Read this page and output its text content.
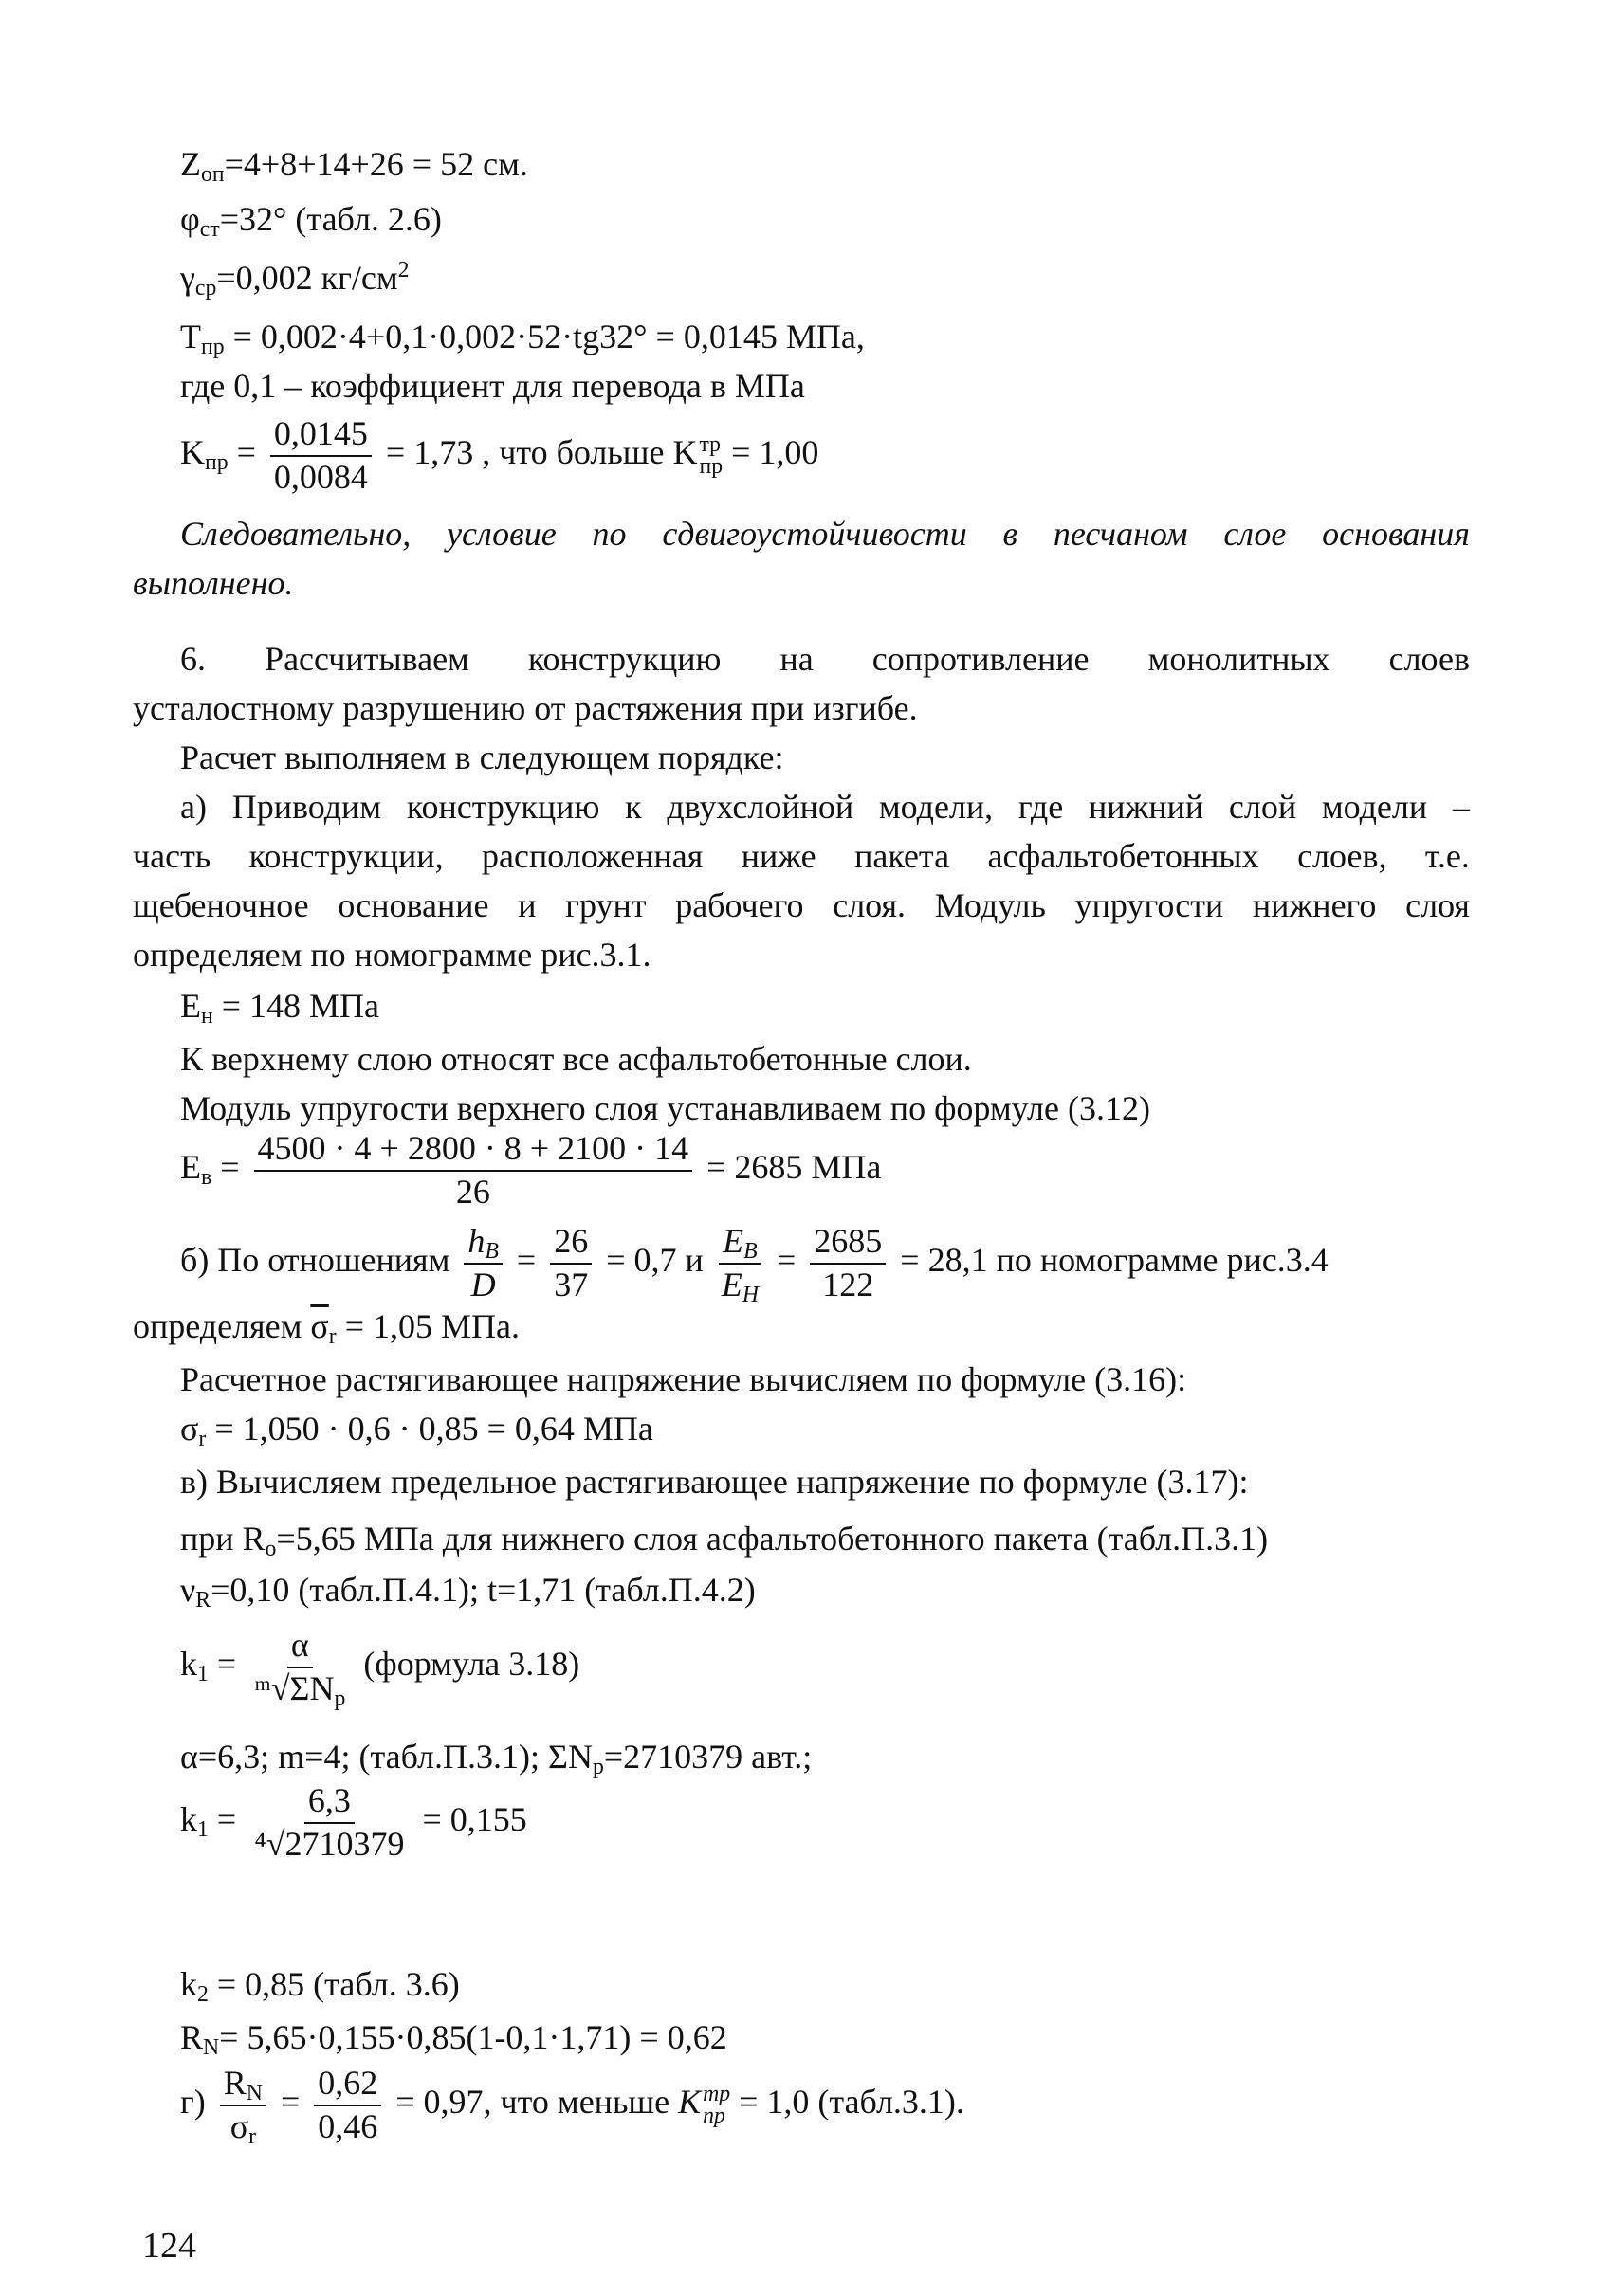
$Z_{оп}=4+8+14+26 = 52$ см.
$\varphi_{ст}=32^\circ$ (табл. 2.6)
$\gamma_{ср}=0,002$ $кг/см^2$
$T_{пр} = 0,002\cdot 4+0,1\cdot 0,002\cdot 52\cdot tg32^\circ = 0,0145$ МПа,
где 0,1 – коэффициент для перевода в МПа
$K_{пр} = \frac{0,0145}{0,0084} = 1,73$ , что больше K тр
пр = 1,00
Следовательно, условие по сдвигоустойчивости в песчаном слое основания
выполнено.
6. Рассчитываем конструкцию на сопротивление монолитных слоев
усталостному разрушению от растяжения при изгибе.
Расчет выполняем в следующем порядке:
а) Приводим конструкцию к двухслойной модели, где нижний слой модели –
часть конструкции, расположенная ниже пакета асфальтобетонных слоев, т.е.
щебеночное основание и грунт рабочего слоя. Модуль упругости нижнего слоя
определяем по номограмме рис.3.1.
$E_н = 148$ МПа
К верхнему слою относят все асфальтобетонные слои.
Модуль упругости верхнего слоя устанавливаем по формуле (3.12)
$E_в = \frac{4500 \cdot 4 + 2800 \cdot 8 + 2100 \cdot 14}{26} = 2685$ МПа
б) По отношениям $\frac{h_B}{D} = \frac{26}{37} = 0,7$ и $\frac{E_B}{E_H} = \frac{2685}{122} = 28,1$ по номограмме рис.3.4
определяем $\overline{\sigma}_r = 1,05$ МПа.
Расчетное растягивающее напряжение вычисляем по формуле (3.16):
$\sigma_r = 1,050 \cdot 0,6 \cdot 0,85 = 0,64$ МПа
в) Вычисляем предельное растягивающее напряжение по формуле (3.17):
при $R_o=5,65$ МПа для нижнего слоя асфальтобетонного пакета (табл.П.3.1)
$\nu_R=0,10$ (табл.П.4.1); t=1,71 (табл.П.4.2)
$k_1 = \frac{\alpha}{ᵐ√\Sigma N_p}$ (формула 3.18)
α=6,3; m=4; (табл.П.3.1); $\Sigma N_p=2710379$ авт.;
$k_1 = \frac{6,3}{\text{⁴√2710379}} = 0,155$
$k_2 = 0,85$ (табл. 3.6)
$R_N= 5,65\cdot 0,155\cdot 0,85(1-0,1\cdot 1,71) = 0,62$
$г) \frac{R_N}{\sigma_r} = \frac{0,62}{0,46} = 0,97$, что меньше K тр
пр = 1,0 (табл.3.1).
124
